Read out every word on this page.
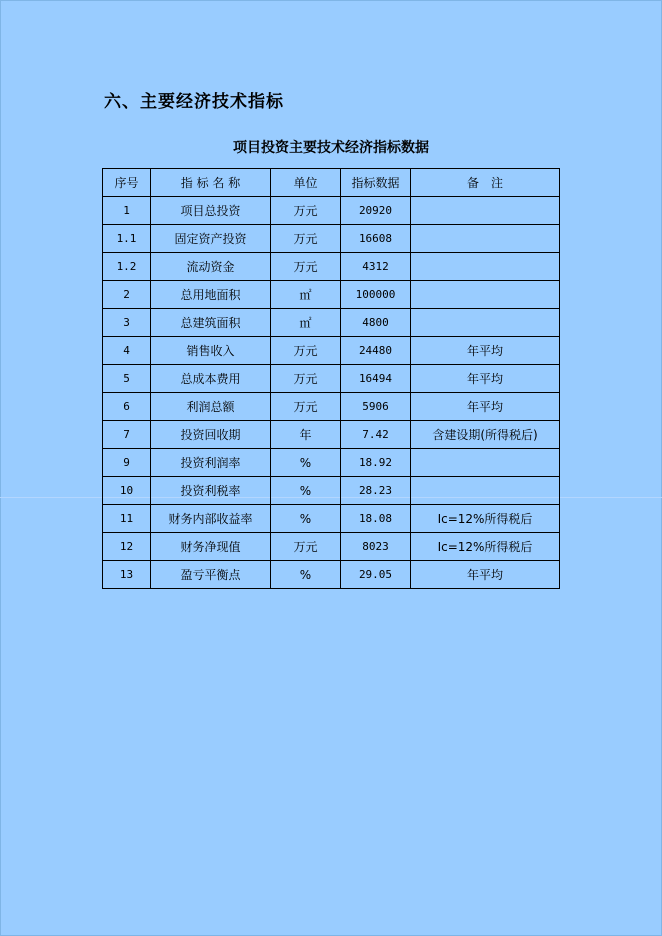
六、主要经济技术指标
项目投资主要技术经济指标数据
序号	指 标 名 称	单位	指标数据	备　注
1	项目总投资	万元	20920	
1.1	固定资产投资	万元	16608	
1.2	流动资金	万元	4312	
2	总用地面积	㎡	100000	
3	总建筑面积	㎡	4800	
4	销售收入	万元	24480	年平均
5	总成本费用	万元	16494	年平均
6	利润总额	万元	5906	年平均
7	投资回收期	年	7.42	含建设期(所得税后)
9	投资利润率	%	18.92	
10	投资利税率	%	28.23	
11	财务内部收益率	%	18.08	Ic=12%所得税后
12	财务净现值	万元	8023	Ic=12%所得税后
13	盈亏平衡点	%	29.05	年平均
